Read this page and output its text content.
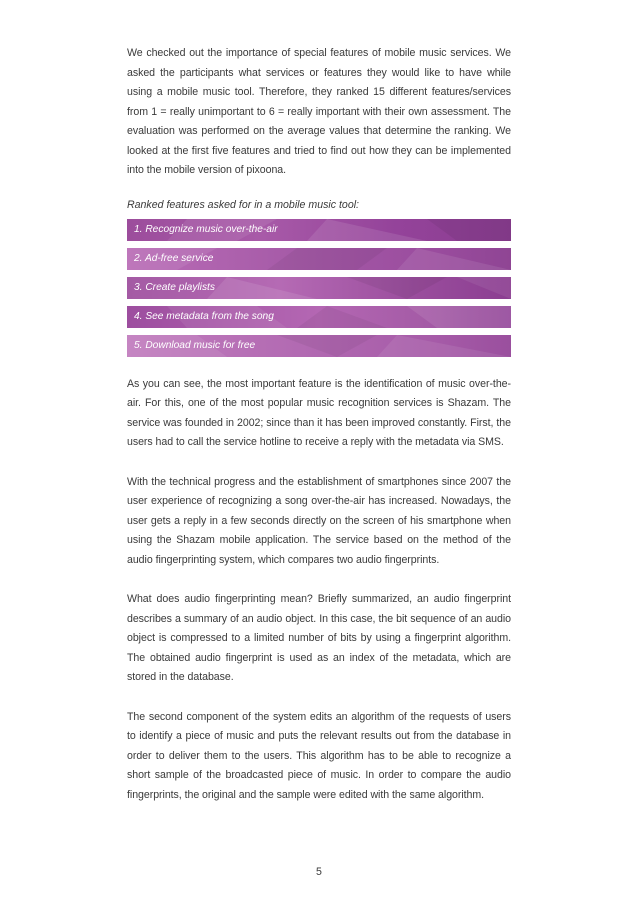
We checked out the importance of special features of mobile music services. We asked the participants what services or features they would like to have while using a mobile music tool. Therefore, they ranked 15 different features/services from 1 = really unimportant to 6 = really important with their own assessment. The evaluation was performed on the average values that determine the ranking. We looked at the first five features and tried to find out how they can be implemented into the mobile version of pixoona.

Ranked features asked for in a mobile music tool:

1. Recognize music over-the-air
2. Ad-free service
3. Create playlists
4. See metadata from the song
5. Download music for free

As you can see, the most important feature is the identification of music over-the-air. For this, one of the most popular music recognition services is Shazam. The service was founded in 2002; since than it has been improved constantly. First, the users had to call the service hotline to receive a reply with the metadata via SMS.

With the technical progress and the establishment of smartphones since 2007 the user experience of recognizing a song over-the-air has increased. Nowadays, the user gets a reply in a few seconds directly on the screen of his smartphone when using the Shazam mobile application. The service based on the method of the audio fingerprinting system, which compares two audio fingerprints.

What does audio fingerprinting mean? Briefly summarized, an audio fingerprint describes a summary of an audio object. In this case, the bit sequence of an audio object is compressed to a limited number of bits by using a fingerprint algorithm. The obtained audio fingerprint is used as an index of the metadata, which are stored in the database.

The second component of the system edits an algorithm of the requests of users to identify a piece of music and puts the relevant results out from the database in order to deliver them to the users. This algorithm has to be able to recognize a short sample of the broadcasted piece of music. In order to compare the audio fingerprints, the original and the sample were edited with the same algorithm.

5
